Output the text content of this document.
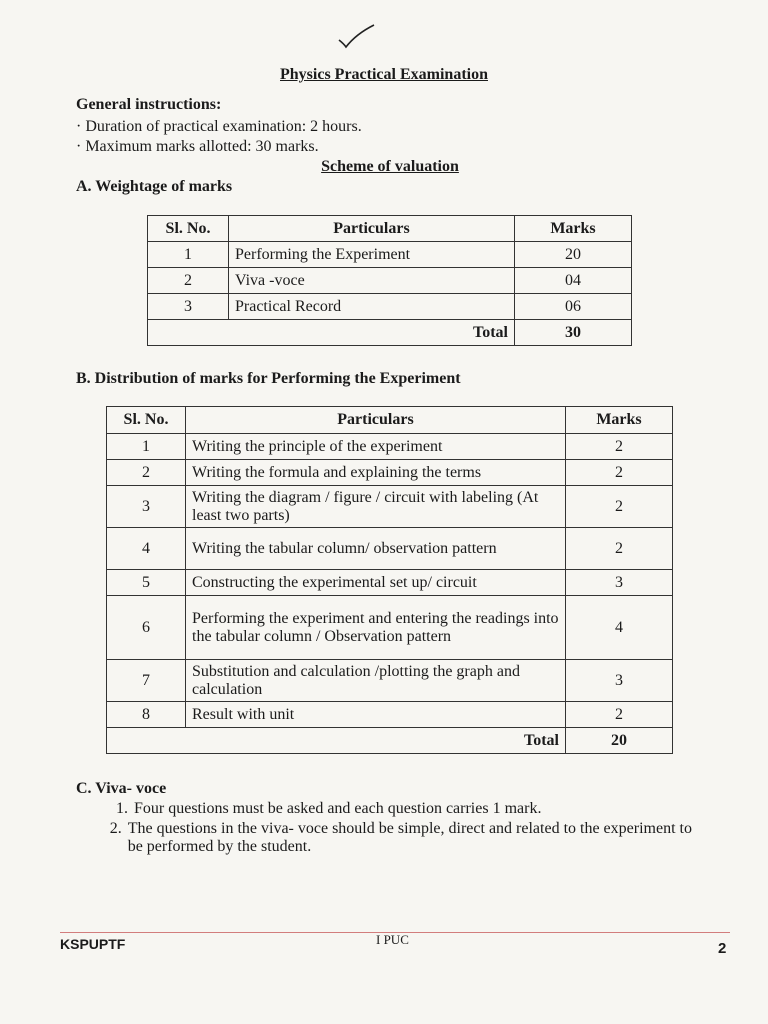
Physics Practical Examination
General instructions:
· Duration of practical examination: 2 hours.
· Maximum marks allotted: 30 marks.
Scheme of valuation
A. Weightage of marks
Sl. No.	Particulars	Marks
1	Performing the Experiment	20
2	Viva -voce	04
3	Practical Record	06
Total		30
B. Distribution of marks for Performing the Experiment
Sl. No.	Particulars	Marks
1	Writing the principle of the experiment	2
2	Writing the formula and explaining the terms	2
3	Writing the diagram / figure / circuit with labeling (At least two parts)	2
4	Writing the tabular column/ observation pattern	2
5	Constructing the experimental set up/ circuit	3
6	Performing the experiment and entering the readings into the tabular column / Observation pattern	4
7	Substitution and calculation /plotting the graph and calculation	3
8	Result with unit	2
Total		20
C. Viva- voce
1. Four questions must be asked and each question carries 1 mark.
2. The questions in the viva- voce should be simple, direct and related to the experiment to be performed by the student.
KSPUPTF	I PUC
2
